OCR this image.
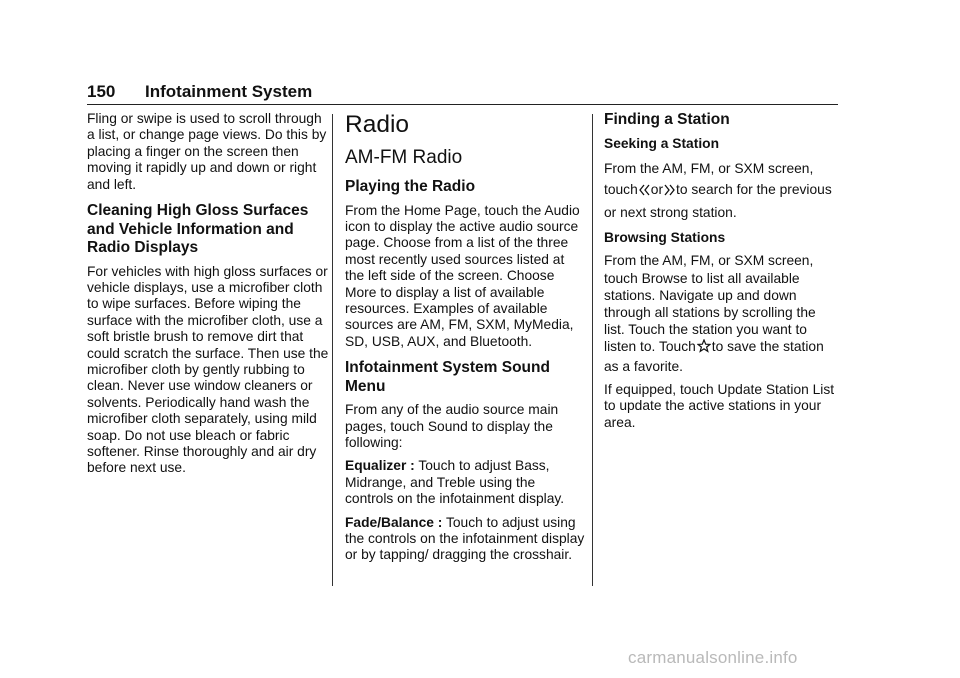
150 Infotainment System

Fling or swipe is used to scroll through a list, or change page views. Do this by placing a finger on the screen then moving it rapidly up and down or right and left.

Cleaning High Gloss Surfaces and Vehicle Information and Radio Displays

For vehicles with high gloss surfaces or vehicle displays, use a microfiber cloth to wipe surfaces. Before wiping the surface with the microfiber cloth, use a soft bristle brush to remove dirt that could scratch the surface. Then use the microfiber cloth by gently rubbing to clean. Never use window cleaners or solvents. Periodically hand wash the microfiber cloth separately, using mild soap. Do not use bleach or fabric softener. Rinse thoroughly and air dry before next use.

Radio
AM-FM Radio
Playing the Radio

From the Home Page, touch the Audio icon to display the active audio source page. Choose from a list of the three most recently used sources listed at the left side of the screen. Choose More to display a list of available resources. Examples of available sources are AM, FM, SXM, MyMedia, SD, USB, AUX, and Bluetooth.

Infotainment System Sound Menu

From any of the audio source main pages, touch Sound to display the following:

Equalizer : Touch to adjust Bass, Midrange, and Treble using the controls on the infotainment display.

Fade/Balance : Touch to adjust using the controls on the infotainment display or by tapping/ dragging the crosshair.

Finding a Station
Seeking a Station

From the AM, FM, or SXM screen, touch or to search for the previous or next strong station.

Browsing Stations

From the AM, FM, or SXM screen, touch Browse to list all available stations. Navigate up and down through all stations by scrolling the list. Touch the station you want to listen to. Touch to save the station as a favorite.

If equipped, touch Update Station List to update the active stations in your area.

carmanualsonline.info
